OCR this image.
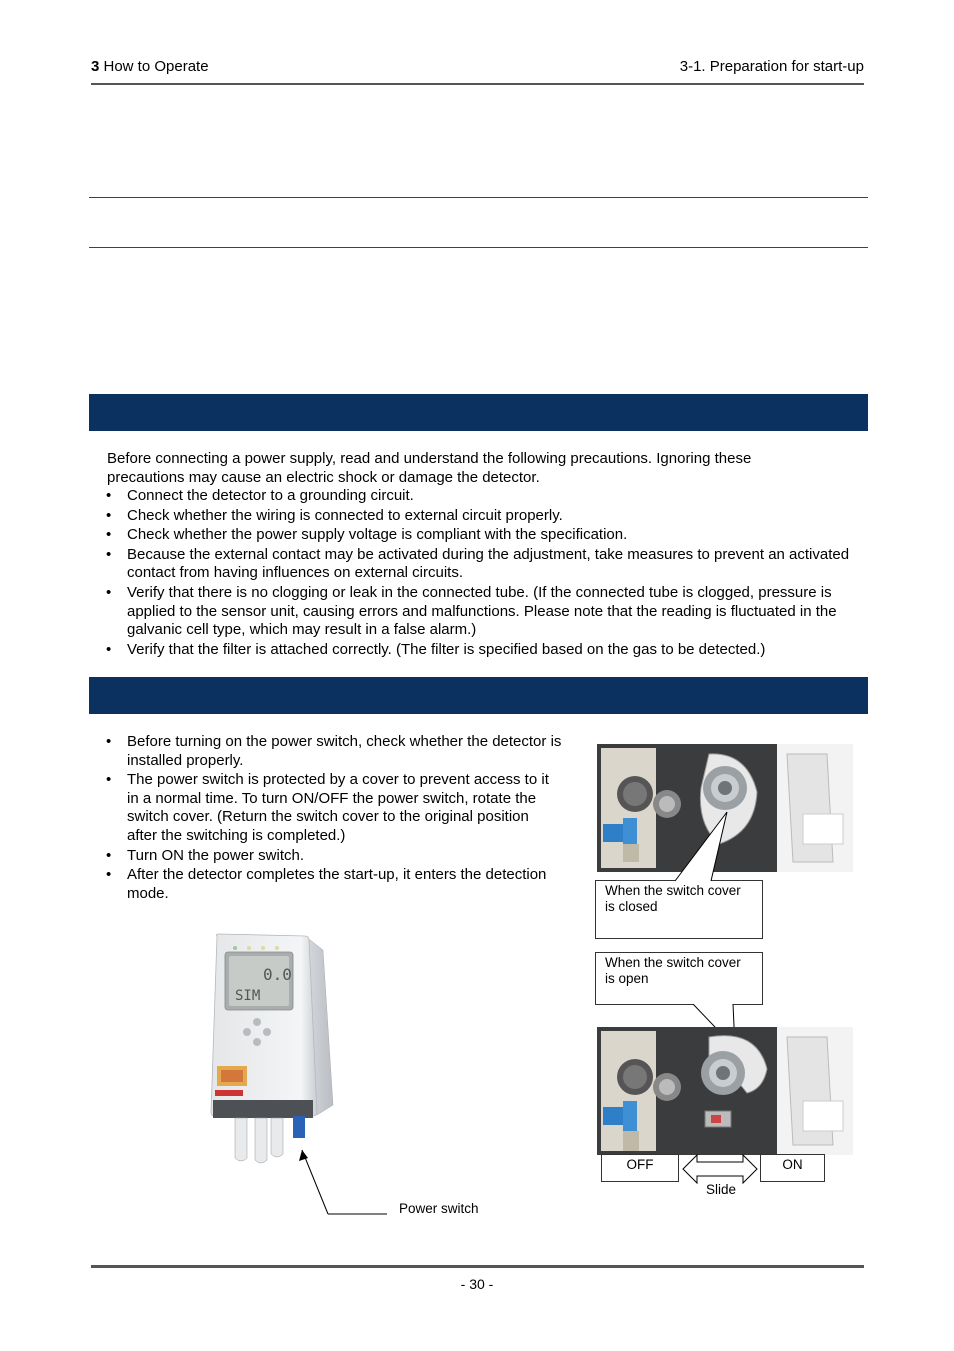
3 How to Operate	3-1. Preparation for start-up
Before connecting a power supply, read and understand the following precautions. Ignoring these precautions may cause an electric shock or damage the detector.
• Connect the detector to a grounding circuit.
• Check whether the wiring is connected to external circuit properly.
• Check whether the power supply voltage is compliant with the specification.
• Because the external contact may be activated during the adjustment, take measures to prevent an activated contact from having influences on external circuits.
• Verify that there is no clogging or leak in the connected tube. (If the connected tube is clogged, pressure is applied to the sensor unit, causing errors and malfunctions. Please note that the reading is fluctuated in the galvanic cell type, which may result in a false alarm.)
• Verify that the filter is attached correctly. (The filter is specified based on the gas to be detected.)
• Before turning on the power switch, check whether the detector is installed properly.
• The power switch is protected by a cover to prevent access to it in a normal time. To turn ON/OFF the power switch, rotate the switch cover. (Return the switch cover to the original position after the switching is completed.)
• Turn ON the power switch.
• After the detector completes the start-up, it enters the detection mode.
0.0
SIM
Power switch
When the switch cover is closed
When the switch cover is open
OFF	ON
Slide
- 30 -
